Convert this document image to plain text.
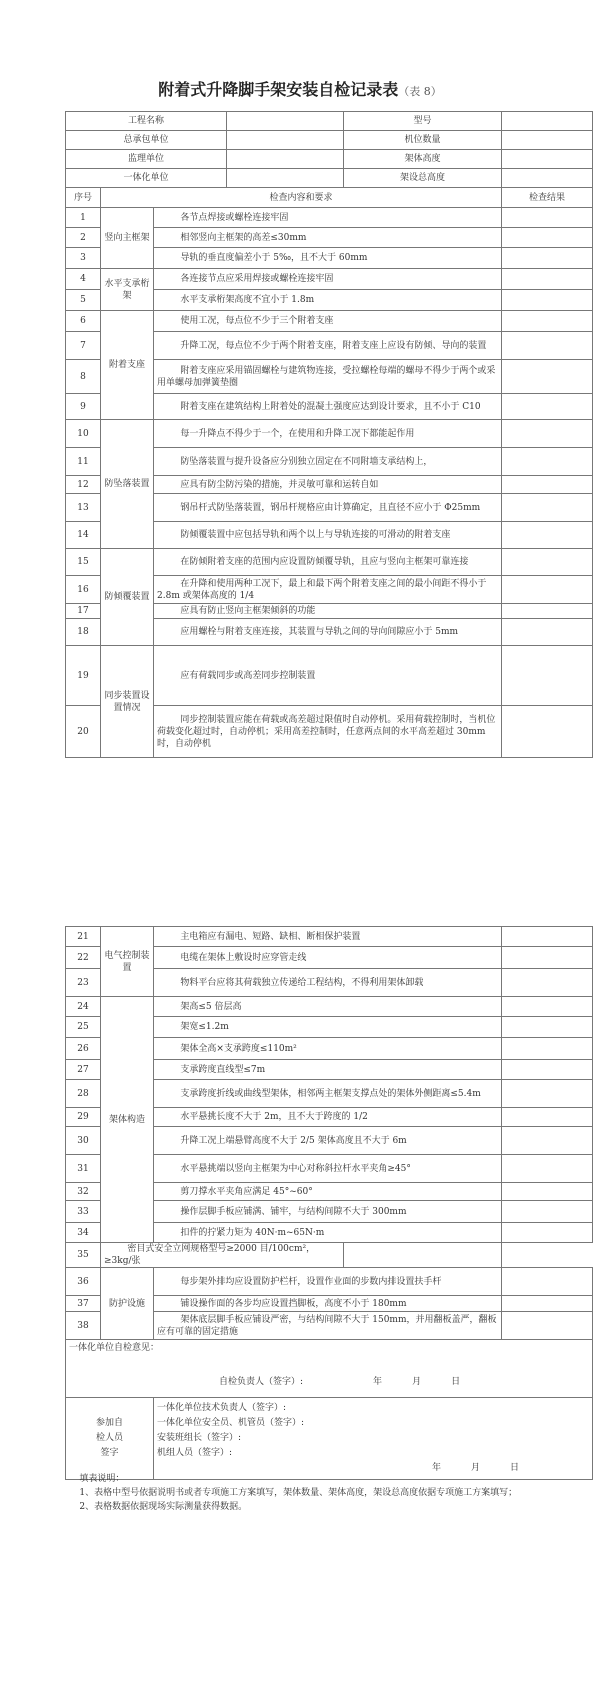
附着式升降脚手架安装自检记录表（表 8）
工程名称				型号	
总承包单位				机位数量	
监理单位				架体高度	
一体化单位				架设总高度	
序号	检查内容和要求				检查结果
1	竖向主框架	各节点焊接或螺栓连接牢固			
2		相邻竖向主框架的高差≤30mm			
3		导轨的垂直度偏差小于 5‰，且不大于 60mm			
4	水平支承桁架	各连接节点应采用焊接或螺栓连接牢固			
5		水平支承桁架高度不宜小于 1.8m			
6	附着支座	使用工况，每点位不少于三个附着支座			
7		升降工况，每点位不少于两个附着支座，附着支座上应设有防倾、导向的装置			
8		附着支座应采用锚固螺栓与建筑物连接，受拉螺栓每端的螺母不得少于两个或采用单螺母加弹簧垫圈			
9		附着支座在建筑结构上附着处的混凝土强度应达到设计要求，且不小于 C10			
10	防坠落装置	每一升降点不得少于一个，在使用和升降工况下都能起作用			
11		防坠落装置与提升设备应分别独立固定在不同附墙支承结构上，			
12		应具有防尘防污染的措施，并灵敏可靠和运转自如			
13		钢吊杆式防坠落装置，钢吊杆规格应由计算确定，且直径不应小于 Φ25mm			
14		防倾覆装置中应包括导轨和两个以上与导轨连接的可滑动的附着支座			
15	防倾覆装置	在防倾附着支座的范围内应设置防倾覆导轨，且应与竖向主框架可靠连接			
16		在升降和使用两种工况下，最上和最下两个附着支座之间的最小间距不得小于 2.8m 或架体高度的 1/4			
17		应具有防止竖向主框架倾斜的功能			
18		应用螺栓与附着支座连接，其装置与导轨之间的导向间隙应小于 5mm			
19	同步装置设置情况	应有荷载同步或高差同步控制装置			
20		同步控制装置应能在荷载或高差超过限值时自动停机。采用荷载控制时，当机位荷载变化超过时，自动停机；采用高差控制时，任意两点间的水平高差超过 30mm 时，自动停机			
21	电气控制装置	主电箱应有漏电、短路、缺相、断相保护装置		
22		电缆在架体上敷设时应穿管走线		
23		物料平台应将其荷载独立传递给工程结构，不得利用架体卸载		
24	架体构造	架高≤5 倍层高		
25		架宽≤1.2m		
26		架体全高×支承跨度≤110m²		
27		支承跨度直线型≤7m		
28		支承跨度折线或曲线型架体，相邻两主框架支撑点处的架体外侧距离≤5.4m		
29		水平悬挑长度不大于 2m，且不大于跨度的 1/2		
30		升降工况上端悬臂高度不大于 2/5 架体高度且不大于 6m		
31		水平悬挑端以竖向主框架为中心对称斜拉杆水平夹角≥45°		
32		剪刀撑水平夹角应满足 45°~60°		
33		操作层脚手板应铺满、铺牢，与结构间隙不大于 300mm		
34		扣件的拧紧力矩为 40N·m~65N·m		
35	密目式安全立网规格型号≥2000 目/100cm²，≥3kg/张			
36	防护设施	每步架外排均应设置防护栏杆，设置作业面的步数内排设置扶手杆		
37		铺设操作面的各步均应设置挡脚板，高度不小于 180mm		
38		架体底层脚手板应铺设严密，与结构间隙不大于 150mm，并用翻板盖严，翻板应有可靠的固定措施		

一体化单位自检意见：
自检负责人（签字）: 年 月 日				

参加自检人员签字		一体化单位技术负责人（签字）:
一体化单位安全员、机管员（签字）:
安装班组长（签字）:
机组人员（签字）:
年 月 日		
填表说明：
1、表格中型号依据说明书或者专项施工方案填写，架体数量、架体高度，架设总高度依据专项施工方案填写；
2、表格数据依据现场实际测量获得数据。
